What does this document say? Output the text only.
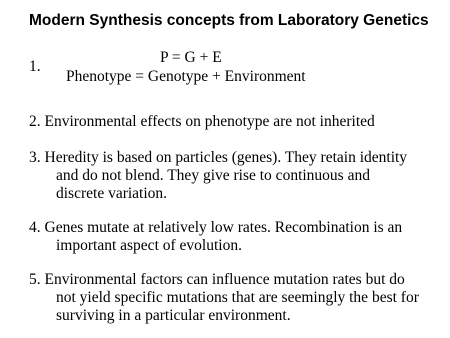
Modern Synthesis concepts from Laboratory Genetics
1.
P = G + E
Phenotype = Genotype + Environment
2. Environmental effects on phenotype are not inherited
3. Heredity is based on particles (genes). They retain identity
and do not blend. They give rise to continuous and
discrete variation.
4. Genes mutate at relatively low rates. Recombination is an
important aspect of evolution.
5. Environmental factors can influence mutation rates but do
not yield specific mutations that are seemingly the best for
surviving in a particular environment.
